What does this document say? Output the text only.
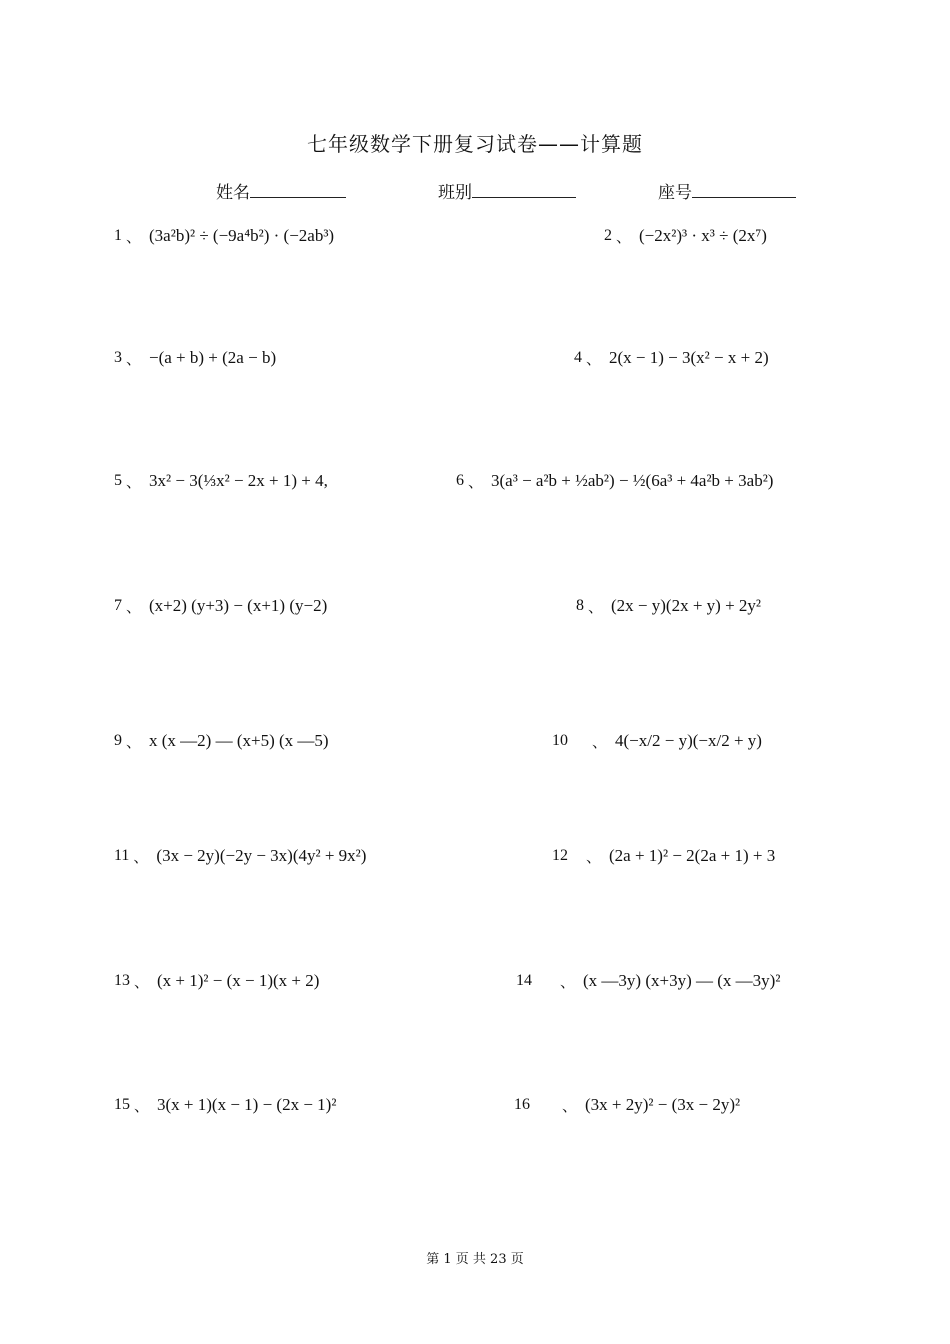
七年级数学下册复习试卷——计算题
姓名	班别	座号
1 、 (3a²b)² ÷ (−9a⁴b²) · (−2ab³)
3 、 −(a + b) + (2a − b)
5 、 3x² − 3(⅓x² − 2x + 1) + 4,
7 、 (x+2) (y+3) − (x+1) (y−2)
9 、 x (x —2) — (x+5) (x —5)
11 、 (3x − 2y)(−2y − 3x)(4y² + 9x²)
13 、 (x + 1)² − (x − 1)(x + 2)
15 、 3(x + 1)(x − 1) − (2x − 1)²
2 、 (−2x²)³ · x³ ÷ (2x⁷)
4 、 2(x − 1) − 3(x² − x + 2)
6 、 3(a³ − a²b + ½ab²) − ½(6a³ + 4a²b + 3ab²)
8 、 (2x − y)(2x + y) + 2y²
10 、 4(−x/2 − y)(−x/2 + y)
12 、 (2a + 1)² − 2(2a + 1) + 3
14 、 (x —3y) (x+3y) — (x —3y)²
16 、 (3x + 2y)² − (3x − 2y)²
第 1 页 共 23 页
